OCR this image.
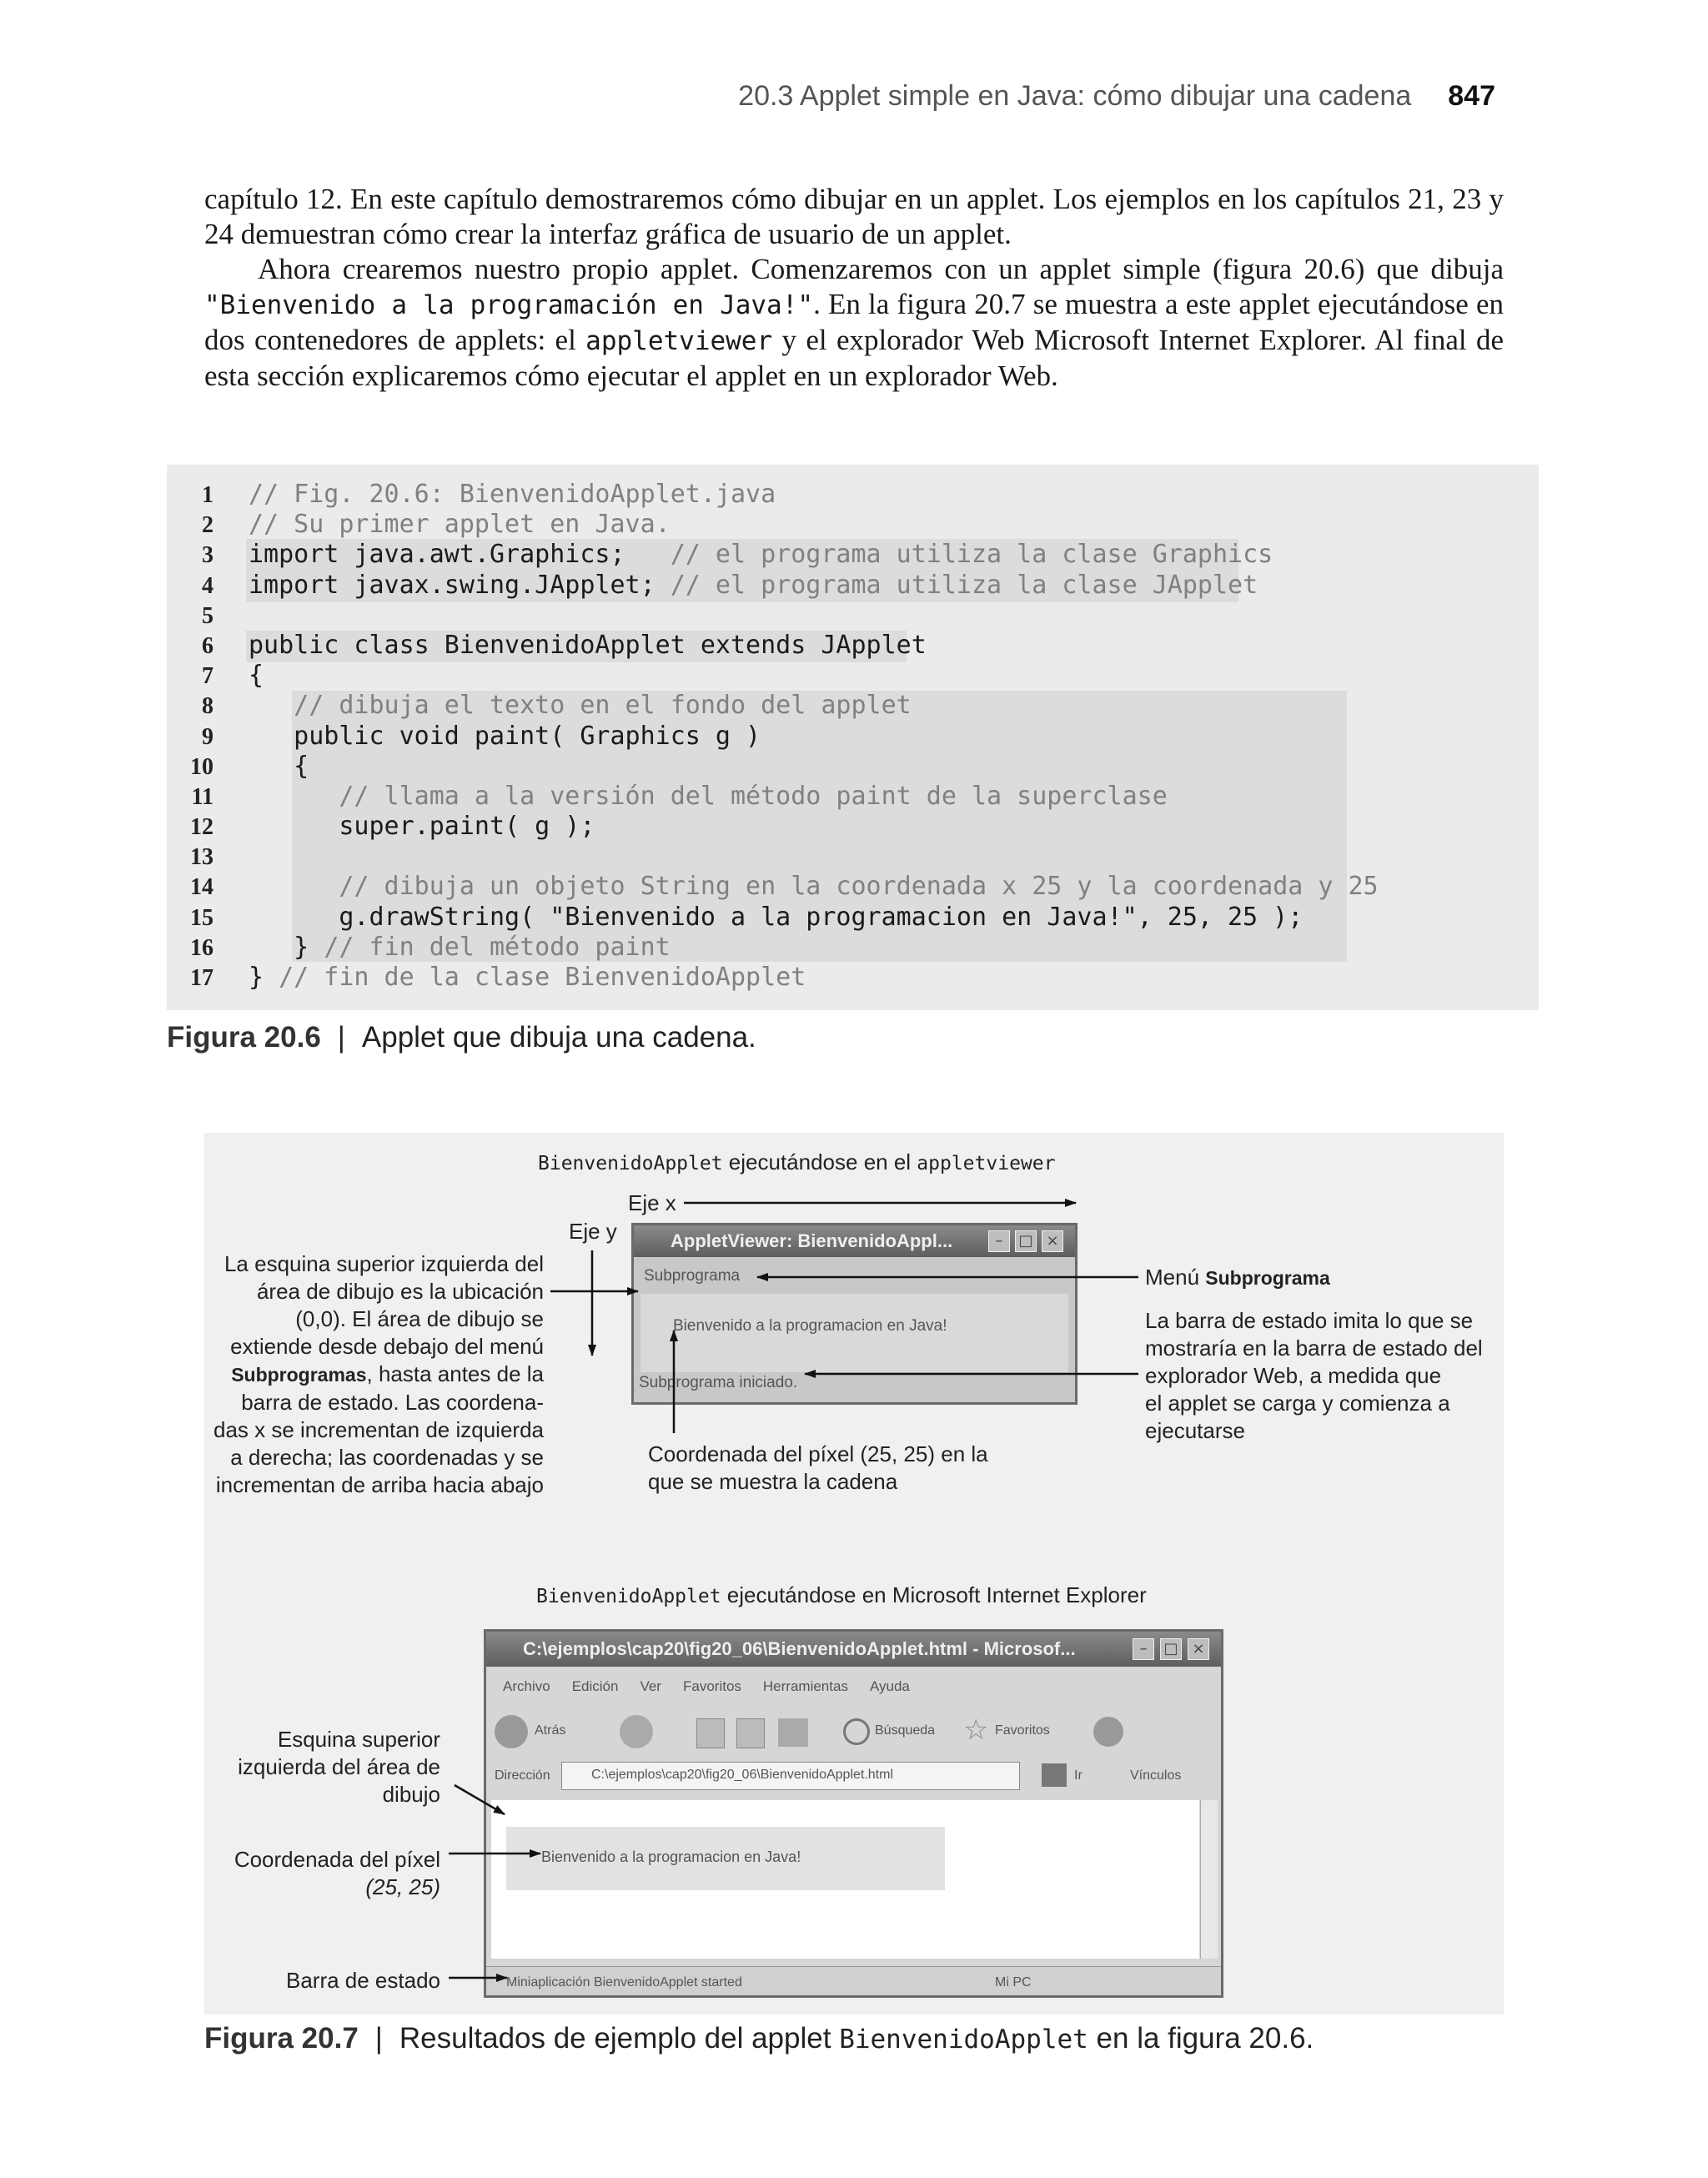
20.3 Applet simple en Java: cómo dibujar una cadena 847

capítulo 12. En este capítulo demostraremos cómo dibujar en un applet. Los ejemplos en los capítulos 21, 23 y 24 demuestran cómo crear la interfaz gráfica de usuario de un applet.

Ahora crearemos nuestro propio applet. Comenzaremos con un applet simple (figura 20.6) que dibuja "Bienvenido a la programación en Java!". En la figura 20.7 se muestra a este applet ejecutándose en dos contenedores de applets: el appletviewer y el explorador Web Microsoft Internet Explorer. Al final de esta sección explicaremos cómo ejecutar el applet en un explorador Web.

1 // Fig. 20.6: BienvenidoApplet.java
2 // Su primer applet en Java.
3 import java.awt.Graphics;   // el programa utiliza la clase Graphics
4 import javax.swing.JApplet; // el programa utiliza la clase JApplet
5
6 public class BienvenidoApplet extends JApplet
7 {
8	// dibuja el texto en el fondo del applet
9   public void paint( Graphics g )
10   {
11	// llama a la versión del método paint de la superclase
12      super.paint( g );
13
14	// dibuja un objeto String en la coordenada x 25 y la coordenada y 25
15      g.drawString( "Bienvenido a la programacion en Java!", 25, 25 );
16   } // fin del método paint
17 } // fin de la clase BienvenidoApplet
Figura 20.6 | Applet que dibuja una cadena.
BienvenidoApplet ejecutándose en el appletviewer
Eje x
Eje y
La esquina superior izquierda del
área de dibujo es la ubicación
(0,0). El área de dibujo se
extiende desde debajo del menú
Subprogramas, hasta antes de la
barra de estado. Las coordena-
das x se incrementan de izquierda
a derecha; las coordenadas y se
incrementan de arriba hacia abajo
AppletViewer: BienvenidoAppl...	–	□ ×
Subprograma
Bienvenido a la programacion en Java!
Subprograma iniciado.
Menú Subprograma
La barra de estado imita lo que se
mostraría en la barra de estado del
explorador Web, a medida que
el applet se carga y comienza a
ejecutarse
Coordenada del píxel (25, 25) en la
que se muestra la cadena
BienvenidoApplet ejecutándose en Microsoft Internet Explorer
C:\ejemplos\cap20\fig20_06\BienvenidoApplet.html - Microsof...	–	□ ×
Archivo Edición Ver Favoritos Herramientas Ayuda
Atrás	Búsqueda ☆ Favoritos
Dirección	C:\ejemplos\cap20\fig20_06\BienvenidoApplet.html	Ir	Vínculos
Bienvenido a la programacion en Java!
Miniaplicación BienvenidoApplet started	Mi PC
Esquina superior
izquierda del área de
dibujo
Coordenada del píxel
(25, 25)
Barra de estado
Figura 20.7 | Resultados de ejemplo del applet BienvenidoApplet en la figura 20.6.
